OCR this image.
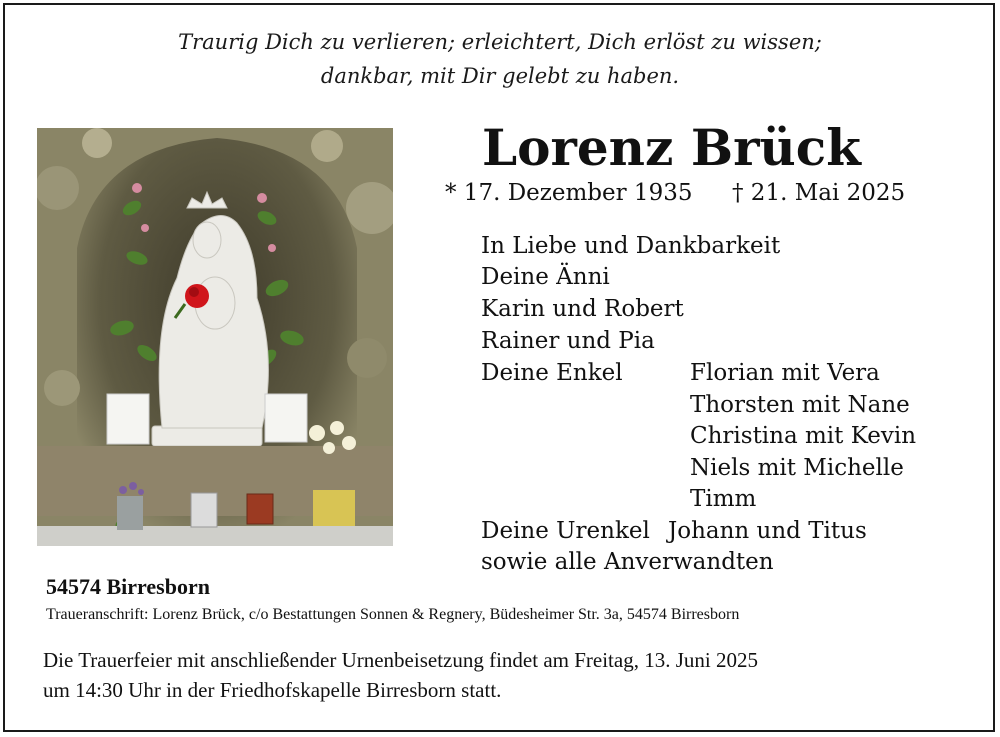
Traurig Dich zu verlieren; erleichtert, Dich erlöst zu wissen;
dankbar, mit Dir gelebt zu haben.
Lorenz Brück
* 17. Dezember 1935 † 21. Mai 2025
In Liebe und Dankbarkeit
Deine Änni
Karin und Robert
Rainer und Pia
Deine Enkel	Florian mit Vera
Thorsten mit Nane
Christina mit Kevin
Niels mit Michelle
Timm
Deine Urenkel Johann und Titus
sowie alle Anverwandten
54574 Birresborn
Traueranschrift: Lorenz Brück, c/o Bestattungen Sonnen & Regnery, Büdesheimer Str. 3a, 54574 Birresborn
Die Trauerfeier mit anschließender Urnenbeisetzung findet am Freitag, 13. Juni 2025
um 14:30 Uhr in der Friedhofskapelle Birresborn statt.
